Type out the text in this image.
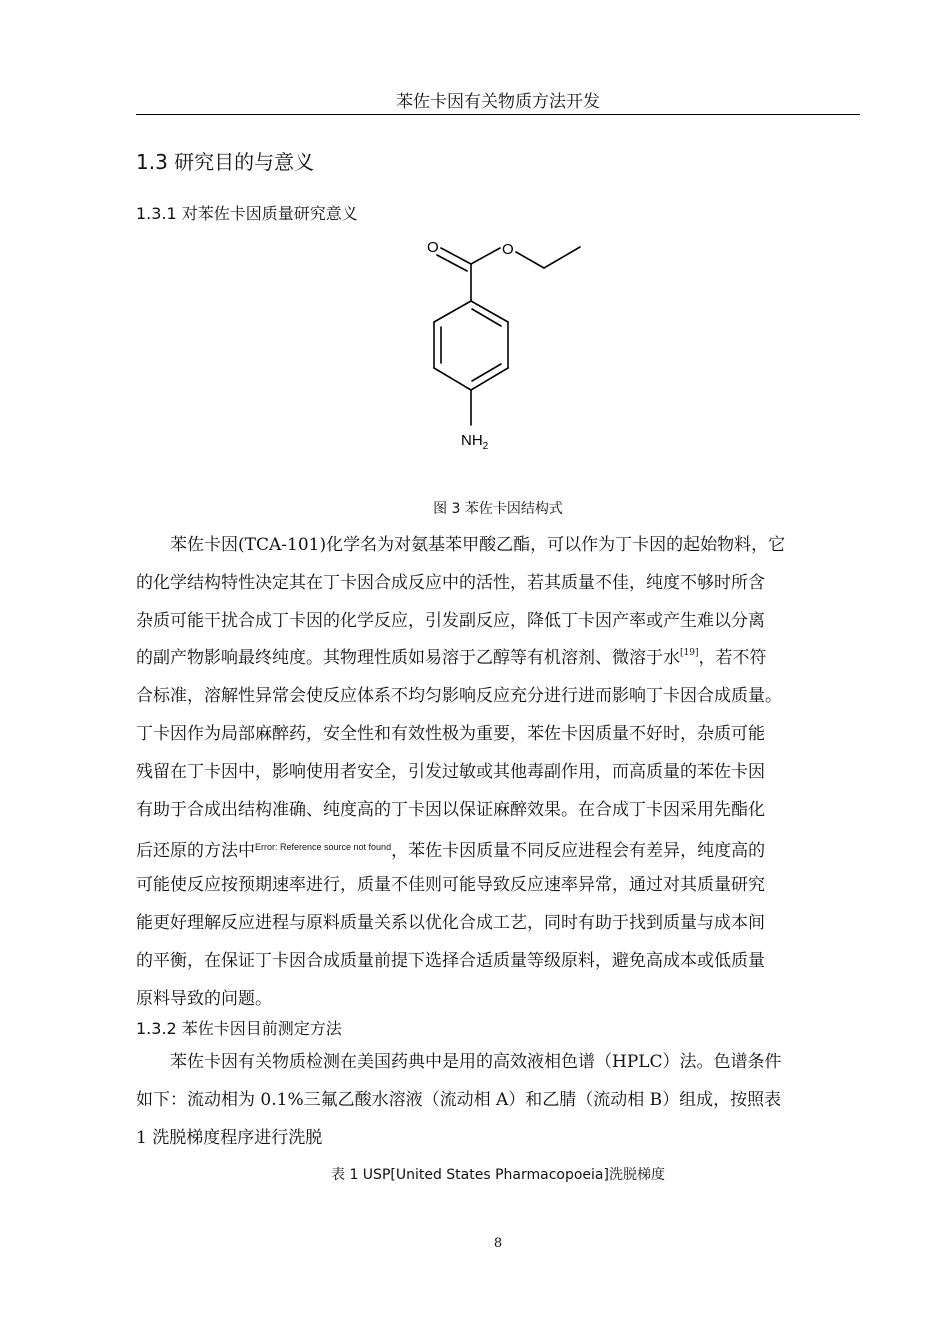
苯佐卡因有关物质方法开发
1.3 研究目的与意义
1.3.1 对苯佐卡因质量研究意义
O	O
$NH_2$
图 3 苯佐卡因结构式
苯佐卡因(TCA-101)化学名为对氨基苯甲酸乙酯，可以作为丁卡因的起始物料，它
的化学结构特性决定其在丁卡因合成反应中的活性，若其质量不佳，纯度不够时所含
杂质可能干扰合成丁卡因的化学反应，引发副反应，降低丁卡因产率或产生难以分离
的副产物影响最终纯度。其物理性质如易溶于乙醇等有机溶剂、微溶于水[19]，若不符
合标准，溶解性异常会使反应体系不均匀影响反应充分进行进而影响丁卡因合成质量。
丁卡因作为局部麻醉药，安全性和有效性极为重要，苯佐卡因质量不好时，杂质可能
残留在丁卡因中，影响使用者安全，引发过敏或其他毒副作用，而高质量的苯佐卡因
有助于合成出结构准确、纯度高的丁卡因以保证麻醉效果。在合成丁卡因采用先酯化
后还原的方法中$^{Error: Reference source not found}$，苯佐卡因质量不同反应进程会有差异，纯度高的
可能使反应按预期速率进行，质量不佳则可能导致反应速率异常，通过对其质量研究
能更好理解反应进程与原料质量关系以优化合成工艺，同时有助于找到质量与成本间
的平衡，在保证丁卡因合成质量前提下选择合适质量等级原料，避免高成本或低质量
原料导致的问题。
1.3.2 苯佐卡因目前测定方法
苯佐卡因有关物质检测在美国药典中是用的高效液相色谱（HPLC）法。色谱条件
如下：流动相为 0.1%三氟乙酸水溶液（流动相 A）和乙腈（流动相 B）组成，按照表
1 洗脱梯度程序进行洗脱
表 1 USP[United States Pharmacopoeia]洗脱梯度
8
